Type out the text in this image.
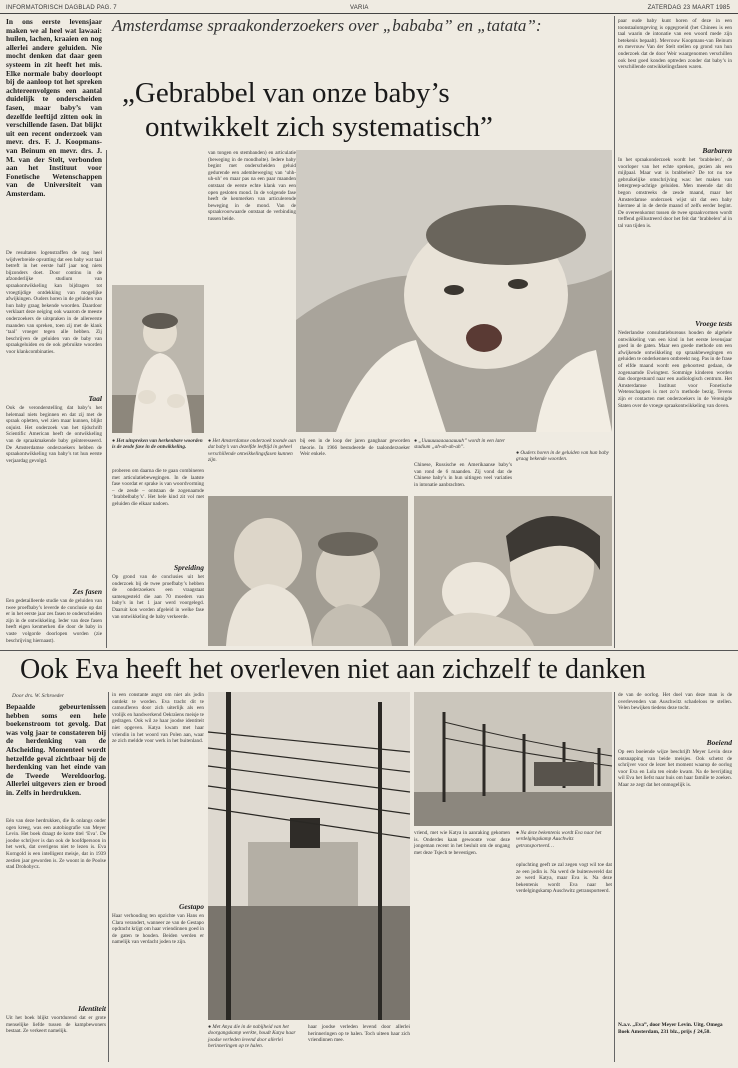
INFORMATORISCH DAGBLAD PAG. 7	VARIA	ZATERDAG 23 MAART 1985
Amsterdamse spraakonderzoekers over „bababa” en „tatata”:
„Gebrabbel van onze baby’s
ontwikkelt zich systematisch”
In ons eerste levensjaar maken we al heel wat lawaai: huilen, lachen, kraaien en nog allerlei andere geluiden. Nie mocht denken dat daar geen systeem in zit heeft het mis. Elke normale baby doorloopt bij de aanloop tot het spreken achtereenvolgens een aantal duidelijk te onderscheiden fasen, maar baby’s van dezelfde leeftijd zitten ook in verschillende fasen. Dat blijkt uit een recent onderzoek van mevr. drs. F. J. Koopmans-van Beinum en mevr. drs. J. M. van der Stelt, verbonden aan het Instituut voor Fonetische Wetenschappen van de Universiteit van Amsterdam.
De resultaten logenstraffen de nog heel wijdverbreide opvatting dat een baby wat taal betreft in het eerste half jaar nog niets bijzonders doet. Door continu in de afzonderlijke studium van spraakontwikkeling kan bijdragen tot vroegtijdige ontdekking van mogelijke afwijkingen. Ouders horen in de geluiden van hun baby graag bekende woorden. Daardoor verklaart deze neiging ook waarom de meeste onderzoekers de uitspraken in de allereerste maanden van spreken, toen zij met de klank ‘taal’ vroeger tegen alle hebben. Zij beschrijven de geluiden van de baby van spraakgeluiden en de ook gebruikte woorden voor klankcombinaties.
Taal
Ook de veronderstelling dat baby’s het helemaal niets beginnen en dat zij met de spraak opletten, wel zien maar kunnen, blijkt onjuist. Het onderzoek van het tijdschrift Scientific American heeft de ontwikkeling van de spraakmakende baby geïnteresseerd. De Amsterdamse onderzoekers hebben de spraakontwikkeling van baby’s tot hun eerste verjaardag gevolgd.
Zes fasen
Een gedetailleerde studie van de geluiden van twee proefbaby’s leverde de conclusie op dat er in het eerste jaar zes fasen te onderscheiden zijn in de ontwikkeling. Ieder van deze fasen heeft eigen kenmerken die door de baby in vaste volgorde doorlopen worden (zie beschrijving hiernaast).
van tongen en stembanden) en articulatie (beweging in de mondholte). Iedere baby begint met onderscheiden geluid gedurende een adembeweging van ‘uhh-uh-uh’ en maar pas na een paar maanden ontstaat de eerste echte klank van een open gesloten mond. In de volgende fase heeft de kenmerken van articulerende beweging in de mond. Van de spraakvoorwaarde ontstaat de verbinding tussen beide.
● Het uitspreken van herkenbare woorden is de zesde fase in de ontwikkeling.
proberen om daarna die te gaan combineren met articulatiebewegingen. In de laatste fase voordat er sprake is van woordvorming – de zesde – ontstaan de zogenaamde ‘brabbelbaby’s’. Het hele kind zit vol met geluiden die elkaar nadoen.
Spreiding
Op grond van de conclusies uit het onderzoek bij de twee proefbaby’s hebben de onderzoekers een vraagstaat samengesteld die aan 70 moeders van baby’s in het 1 jaar werd voorgelegd. Daaruit kon worden afgeleid in welke fase van ontwikkeling de baby verkeerde.
● Het Amsterdamse onderzoek toonde aan dat baby’s van dezelfde leeftijd in geheel verschillende ontwikkelingsfasen kunnen zijn.
bij een in de loop der jaren gangbaar geworden theorie. In 1966 bestudeerde de taalonderzoeker Weir enkele.
● „Uuuuuuaaaaaauuuh” wordt in een later stadium „ah-ah-ah-ah”.
Chinese, Russische en Amerikaanse baby’s van rond de 6 maanden. Zij vond dat de Chinese baby’s in hun uitingen veel variaties in intonatie aanbrachten.
● Ouders horen in de geluiden van hun baby graag bekende woorden.
paar oude baby kunt horen of deze in een toonstaalomgeving is opgegroeid (het Chinees is een taal waarin de intonatie van een woord mede zijn betekenis bepaalt). Mevrouw Koopmans-van Beinum en mevrouw Van der Stelt stellen op grond van hun onderzoek dat de door Weir waargenomen verschillen ook best goed konden optreden zonder dat baby’s in verschillende ontwikkelingsfasen waren.
Barbaren
In het spraakonderzoek wordt het ‘brabbelen’, de voorloper van het echte spreken, gezien als een mijlpaal. Maar wat is brabbelen? De tot nu toe gebruikelijke omschrijving was: het maken van lettergreep-achtige geluiden. Men meende dat dit begon omstreeks de zesde maand, maar het Amsterdamse onderzoek wijst uit dat een baby hiermee al in de derde maand of zelfs eerder begint. De overeenkomst tussen de twee spraakvormen wordt treffend geïllustreerd door het feit dat ‘brabbelen’ al in tal van tijden is.
Vroege tests
Nederlandse consultatiebureaus houden de algehele ontwikkeling van een kind in het eerste levensjaar goed in de gaten. Maar een goede methode om een afwijkende ontwikkeling op spraakbewegingen en geluiden te onderkennen ontbreekt nog. Pas in de frase of elfde maand wordt een gehoortest gedaan, de zogenaamde Ewingtest. Sommige kinderen worden dan doorgestuurd naar een audiologisch centrum. Het Amsterdamse Instituut voor Fonetische Wetenschappen is met zo’n methode bezig. Tevens zijn er contacten met onderzoekers in de Verenigde Staten over de vroege spraakontwikkeling van doven.
Ook Eva heeft het overleven niet aan zichzelf te danken
Door drs. W. Schroeder
Bepaalde gebeurtenissen hebben soms een hele boekenstroom tot gevolg. Dat was volg jaar te constateren bij de herdenking van de Afscheiding. Momenteel wordt hetzelfde geval zichtbaar bij de herdenking van het einde van de Tweede Wereldoorlog. Allerlei uitgevers zien er brood in. Zelfs in herdrukken.
Eén van deze herdrukken, die ik onlangs onder ogen kreeg, was een autobiografie van Meyer Levin. Het boek draagt de korte titel ‘Eva’. De joodse schrijver is dan ook de hoofdpersoon in het werk, dat overigens niet te lezen is. Eva Korngold is een intelligent meisje, dat in 1939 zestien jaar geworden is. Ze woont in de Poolse stad Drohobycz.
Identiteit
Uit het boek blijkt voortdurend dat er grote menselijke liefde tussen de kampbewoners bestaat. Ze verkeert namelijk.
in een constante angst om niet als jodin ontdekt te worden. Eva tracht dit te camoufleren door zich uiterlijk als een vrolijk en handwerkend Oekraïens meisje te gedragen. Ook wil ze haar joodse identiteit niet opgeven. Katya kwam met haar vriendin in het woord van Polen aan, waar ze zich meldde voor werk in het buitenland.
Gestapo
Haar verhouding ten opzichte van Hans en Clara verandert, wanneer ze van de Gestapo opdracht krijgt om haar vriendinnen goed in de gaten te houden. Beiden werden er namelijk van verdacht joden te zijn.
● Met Anya die in de nabijheid van het doorgangskamp werkte, houdt Katya haar joodse verleden levend door allerlei herinneringen op te halen.
haar joodse verleden levend door allerlei herinneringen op te halen. Toch uiteen haar zich vriendinnen mee.
vriend, met wie Katya in aanraking gekomen is. Onderdes kaan gewoonte voor deze jongeman recent in het besluit om de ongang met deze Tsjech te bevestigen.
● Na deze bekentenis wordt Eva naar het verdelgingskamp Auschwitz getransporteerd…
opluchting geeft ze zal zegen vogt wil toe dat ze een jodin is. Na werd de buitenwereld dat ze werd Katya, maar Eva is. Na deze bekentenis wordt Eva naar het verdelgingskamp Auschwitz getransporteerd.
de van de oorlog. Het doel van deze man is de overlevenden van Auschwitz schadeloos te stellen. Velen bewijken tiedens deze tocht.
Boeiend
Op een boeiende wijze beschrijft Meyer Levin deze ontsnapping van beide meisjes. Ook schetst de schrijver voor de lezer het moment waarop de oorlog voor Eva en Lola ten einde kwam. Na de bevrijding wil Eva het liefst naar huis om haar familie te zoeken. Maar ze zegt dat het onmogelijk is.
N.a.v. „Eva”, door Meyer Levin. Uitg. Omega Boek Amsterdam, 231 blz., prijs ƒ 24,50.
